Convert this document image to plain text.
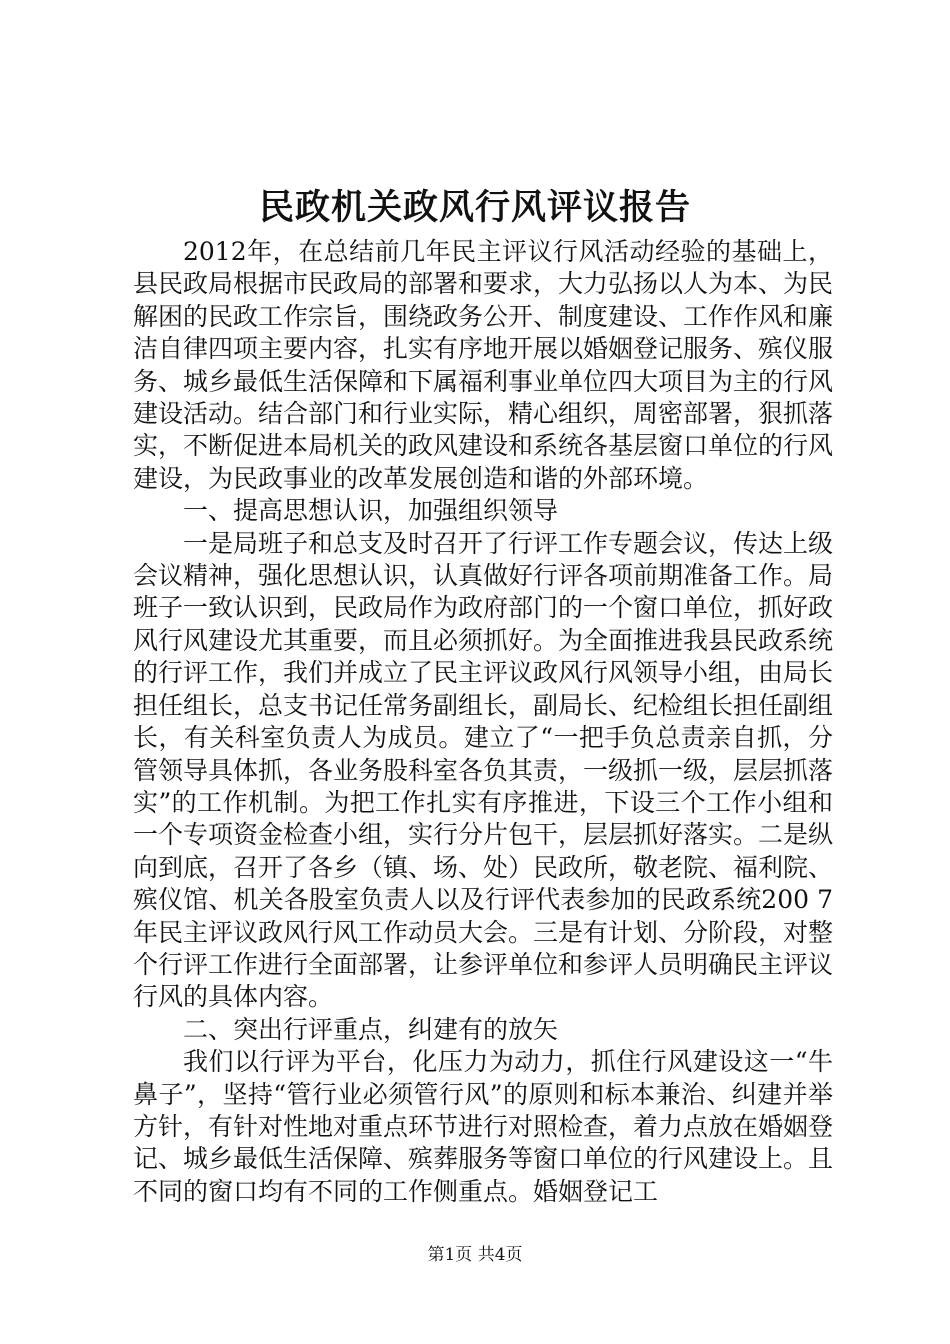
民政机关政风行风评议报告

2012年，在总结前几年民主评议行风活动经验的基础上，县民政局根据市民政局的部署和要求，大力弘扬以人为本、为民解困的民政工作宗旨，围绕政务公开、制度建设、工作作风和廉洁自律四项主要内容，扎实有序地开展以婚姻登记服务、殡仪服务、城乡最低生活保障和下属福利事业单位四大项目为主的行风建设活动。结合部门和行业实际，精心组织，周密部署，狠抓落实，不断促进本局机关的政风建设和系统各基层窗口单位的行风建设，为民政事业的改革发展创造和谐的外部环境。

一、提高思想认识，加强组织领导

一是局班子和总支及时召开了行评工作专题会议，传达上级会议精神，强化思想认识，认真做好行评各项前期准备工作。局班子一致认识到，民政局作为政府部门的一个窗口单位，抓好政风行风建设尤其重要，而且必须抓好。为全面推进我县民政系统的行评工作，我们并成立了民主评议政风行风领导小组，由局长担任组长，总支书记任常务副组长，副局长、纪检组长担任副组长，有关科室负责人为成员。建立了“一把手负总责亲自抓，分管领导具体抓，各业务股科室各负其责，一级抓一级，层层抓落实”的工作机制。为把工作扎实有序推进，下设三个工作小组和一个专项资金检查小组，实行分片包干，层层抓好落实。二是纵向到底，召开了各乡（镇、场、处）民政所，敬老院、福利院、殡仪馆、机关各股室负责人以及行评代表参加的民政系统200 7年民主评议政风行风工作动员大会。三是有计划、分阶段，对整个行评工作进行全面部署，让参评单位和参评人员明确民主评议行风的具体内容。

二、突出行评重点，纠建有的放矢

我们以行评为平台，化压力为动力，抓住行风建设这一“牛鼻子”，坚持“管行业必须管行风”的原则和标本兼治、纠建并举方针，有针对性地对重点环节进行对照检查，着力点放在婚姻登记、城乡最低生活保障、殡葬服务等窗口单位的行风建设上。且不同的窗口均有不同的工作侧重点。婚姻登记工

第1页 共4页
